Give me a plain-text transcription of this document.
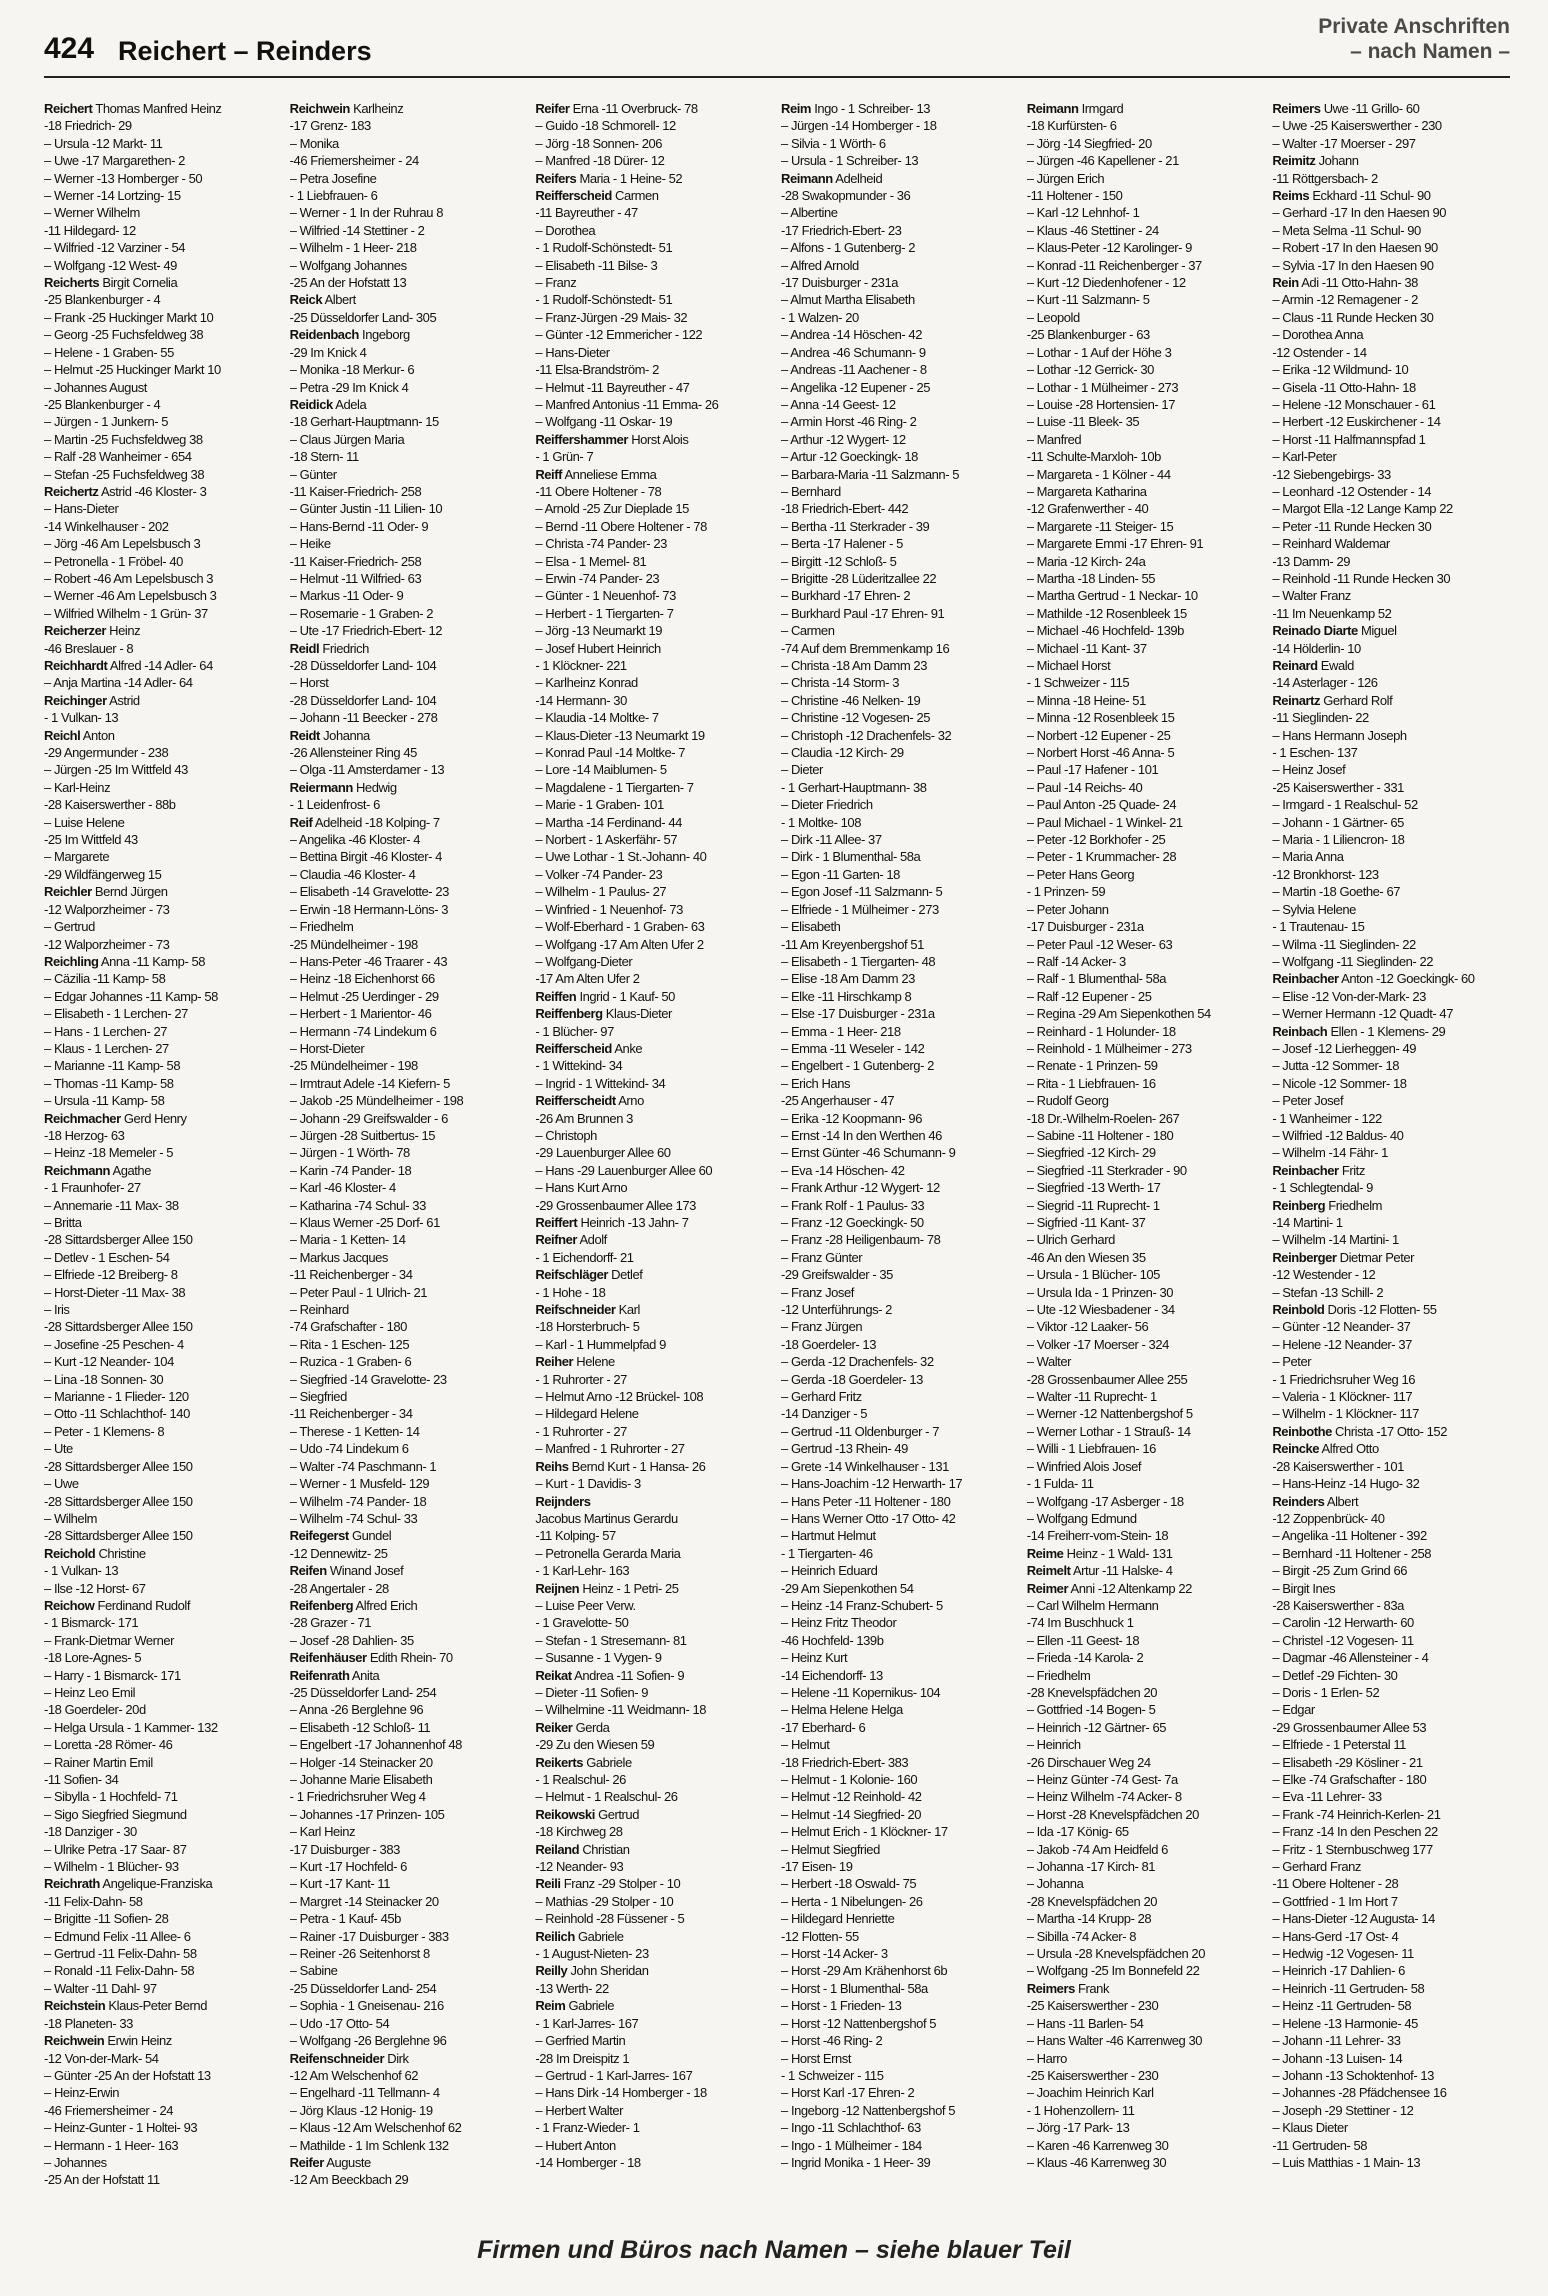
424 Reichert – Reinders
Private Anschriften
– nach Namen –
Reichert Thomas Manfred Heinz
-18 Friedrich- 29
– Ursula -12 Markt- 11
– Uwe -17 Margarethen- 2
– Werner -13 Homberger - 50
– Werner -14 Lortzing- 15
– Werner Wilhelm
-11 Hildegard- 12
– Wilfried -12 Varziner - 54
– Wolfgang -12 West- 49
Reicherts Birgit Cornelia
-25 Blankenburger - 4
– Frank -25 Huckinger Markt 10
– Georg -25 Fuchsfeldweg 38
– Helene - 1 Graben- 55
– Helmut -25 Huckinger Markt 10
– Johannes August
-25 Blankenburger - 4
– Jürgen - 1 Junkern- 5
– Martin -25 Fuchsfeldweg 38
– Ralf -28 Wanheimer - 654
– Stefan -25 Fuchsfeldweg 38
Reichertz Astrid -46 Kloster- 3
– Hans-Dieter
-14 Winkelhauser - 202
– Jörg -46 Am Lepelsbusch 3
– Petronella - 1 Fröbel- 40
– Robert -46 Am Lepelsbusch 3
– Werner -46 Am Lepelsbusch 3
– Wilfried Wilhelm - 1 Grün- 37
Reicherzer Heinz
-46 Breslauer - 8
Reichhardt Alfred -14 Adler- 64
– Anja Martina -14 Adler- 64
Reichinger Astrid
- 1 Vulkan- 13
Reichl Anton
-29 Angermunder - 238
– Jürgen -25 Im Wittfeld 43
– Karl-Heinz
-28 Kaiserswerther - 88b
– Luise Helene
-25 Im Wittfeld 43
– Margarete
-29 Wildfängerweg 15
Reichler Bernd Jürgen
-12 Walporzheimer - 73
– Gertrud
-12 Walporzheimer - 73
Reichling Anna -11 Kamp- 58
– Cäzilia -11 Kamp- 58
– Edgar Johannes -11 Kamp- 58
– Elisabeth - 1 Lerchen- 27
– Hans - 1 Lerchen- 27
– Klaus - 1 Lerchen- 27
– Marianne -11 Kamp- 58
– Thomas -11 Kamp- 58
– Ursula -11 Kamp- 58
Reichmacher Gerd Henry
-18 Herzog- 63
– Heinz -18 Memeler - 5
Reichmann Agathe
- 1 Fraunhofer- 27
– Annemarie -11 Max- 38
– Britta
-28 Sittardsberger Allee 150
– Detlev - 1 Eschen- 54
– Elfriede -12 Breiberg- 8
– Horst-Dieter -11 Max- 38
– Iris
-28 Sittardsberger Allee 150
– Josefine -25 Peschen- 4
– Kurt -12 Neander- 104
– Lina -18 Sonnen- 30
– Marianne - 1 Flieder- 120
– Otto -11 Schlachthof- 140
– Peter - 1 Klemens- 8
– Ute
-28 Sittardsberger Allee 150
– Uwe
-28 Sittardsberger Allee 150
– Wilhelm
-28 Sittardsberger Allee 150
Reichold Christine
- 1 Vulkan- 13
– Ilse -12 Horst- 67
Reichow Ferdinand Rudolf
- 1 Bismarck- 171
– Frank-Dietmar Werner
-18 Lore-Agnes- 5
– Harry - 1 Bismarck- 171
– Heinz Leo Emil
-18 Goerdeler- 20d
– Helga Ursula - 1 Kammer- 132
– Loretta -28 Römer- 46
– Rainer Martin Emil
-11 Sofien- 34
– Sibylla - 1 Hochfeld- 71
– Sigo Siegfried Siegmund
-18 Danziger - 30
– Ulrike Petra -17 Saar- 87
– Wilhelm - 1 Blücher- 93
Reichrath Angelique-Franziska
-11 Felix-Dahn- 58
– Brigitte -11 Sofien- 28
– Edmund Felix -11 Allee- 6
– Gertrud -11 Felix-Dahn- 58
– Ronald -11 Felix-Dahn- 58
– Walter -11 Dahl- 97
Reichstein Klaus-Peter Bernd
-18 Planeten- 33
Reichwein Erwin Heinz
-12 Von-der-Mark- 54
– Günter -25 An der Hofstatt 13
– Heinz-Erwin
-46 Friemersheimer - 24
– Heinz-Gunter - 1 Holtei- 93
– Hermann - 1 Heer- 163
– Johannes
-25 An der Hofstatt 11
Reichwein Karlheinz
-17 Grenz- 183
– Monika
-46 Friemersheimer - 24
– Petra Josefine
- 1 Liebfrauen- 6
– Werner - 1 In der Ruhrau 8
– Wilfried -14 Stettiner - 2
– Wilhelm - 1 Heer- 218
– Wolfgang Johannes
-25 An der Hofstatt 13
Reick Albert
-25 Düsseldorfer Land- 305
Reidenbach Ingeborg
-29 Im Knick 4
– Monika -18 Merkur- 6
– Petra -29 Im Knick 4
Reidick Adela
-18 Gerhart-Hauptmann- 15
– Claus Jürgen Maria
-18 Stern- 11
– Günter
-11 Kaiser-Friedrich- 258
– Günter Justin -11 Lilien- 10
– Hans-Bernd -11 Oder- 9
– Heike
-11 Kaiser-Friedrich- 258
– Helmut -11 Wilfried- 63
– Markus -11 Oder- 9
– Rosemarie - 1 Graben- 2
– Ute -17 Friedrich-Ebert- 12
Reidl Friedrich
-28 Düsseldorfer Land- 104
– Horst
-28 Düsseldorfer Land- 104
– Johann -11 Beecker - 278
Reidt Johanna
-26 Allensteiner Ring 45
– Olga -11 Amsterdamer - 13
Reiermann Hedwig
- 1 Leidenfrost- 6
Reif Adelheid -18 Kolping- 7
– Angelika -46 Kloster- 4
– Bettina Birgit -46 Kloster- 4
– Claudia -46 Kloster- 4
– Elisabeth -14 Gravelotte- 23
– Erwin -18 Hermann-Löns- 3
– Friedhelm
-25 Mündelheimer - 198
– Hans-Peter -46 Traarer - 43
– Heinz -18 Eichenhorst 66
– Helmut -25 Uerdinger - 29
– Herbert - 1 Marientor- 46
– Hermann -74 Lindekum 6
– Horst-Dieter
-25 Mündelheimer - 198
– Irmtraut Adele -14 Kiefern- 5
– Jakob -25 Mündelheimer - 198
– Johann -29 Greifswalder - 6
– Jürgen -28 Suitbertus- 15
– Jürgen - 1 Wörth- 78
– Karin -74 Pander- 18
– Karl -46 Kloster- 4
– Katharina -74 Schul- 33
– Klaus Werner -25 Dorf- 61
– Maria - 1 Ketten- 14
– Markus Jacques
-11 Reichenberger - 34
– Peter Paul - 1 Ulrich- 21
– Reinhard
-74 Grafschafter - 180
– Rita - 1 Eschen- 125
– Ruzica - 1 Graben- 6
– Siegfried -14 Gravelotte- 23
– Siegfried
-11 Reichenberger - 34
– Therese - 1 Ketten- 14
– Udo -74 Lindekum 6
– Walter -74 Paschmann- 1
– Werner - 1 Musfeld- 129
– Wilhelm -74 Pander- 18
– Wilhelm -74 Schul- 33
Reifegerst Gundel
-12 Dennewitz- 25
Reifen Winand Josef
-28 Angertaler - 28
Reifenberg Alfred Erich
-28 Grazer - 71
– Josef -28 Dahlien- 35
Reifenhäuser Edith Rhein- 70
Reifenrath Anita
-25 Düsseldorfer Land- 254
– Anna -26 Berglehne 96
– Elisabeth -12 Schloß- 11
– Engelbert -17 Johannenhof 48
– Holger -14 Steinacker 20
– Johanne Marie Elisabeth
- 1 Friedrichsruher Weg 4
– Johannes -17 Prinzen- 105
– Karl Heinz
-17 Duisburger - 383
– Kurt -17 Hochfeld- 6
– Kurt -17 Kant- 11
– Margret -14 Steinacker 20
– Petra - 1 Kauf- 45b
– Rainer -17 Duisburger - 383
– Reiner -26 Seitenhorst 8
– Sabine
-25 Düsseldorfer Land- 254
– Sophia - 1 Gneisenau- 216
– Udo -17 Otto- 54
– Wolfgang -26 Berglehne 96
Reifenschneider Dirk
-12 Am Welschenhof 62
– Engelhard -11 Tellmann- 4
– Jörg Klaus -12 Honig- 19
– Klaus -12 Am Welschenhof 62
– Mathilde - 1 Im Schlenk 132
Reifer Auguste
-12 Am Beeckbach 29
Reifer Erna -11 Overbruck- 78
– Guido -18 Schmorell- 12
– Jörg -18 Sonnen- 206
– Manfred -18 Dürer- 12
Reifers Maria - 1 Heine- 52
Reifferscheid Carmen
-11 Bayreuther - 47
– Dorothea
- 1 Rudolf-Schönstedt- 51
– Elisabeth -11 Bilse- 3
– Franz
- 1 Rudolf-Schönstedt- 51
– Franz-Jürgen -29 Mais- 32
– Günter -12 Emmericher - 122
– Hans-Dieter
-11 Elsa-Brandström- 2
– Helmut -11 Bayreuther - 47
– Manfred Antonius -11 Emma- 26
– Wolfgang -11 Oskar- 19
Reiffershammer Horst Alois
- 1 Grün- 7
Reiff Anneliese Emma
-11 Obere Holtener - 78
– Arnold -25 Zur Dieplade 15
– Bernd -11 Obere Holtener - 78
– Christa -74 Pander- 23
– Elsa - 1 Memel- 81
– Erwin -74 Pander- 23
– Günter - 1 Neuenhof- 73
– Herbert - 1 Tiergarten- 7
– Jörg -13 Neumarkt 19
– Josef Hubert Heinrich
- 1 Klöckner- 221
– Karlheinz Konrad
-14 Hermann- 30
– Klaudia -14 Moltke- 7
– Klaus-Dieter -13 Neumarkt 19
– Konrad Paul -14 Moltke- 7
– Lore -14 Maiblumen- 5
– Magdalene - 1 Tiergarten- 7
– Marie - 1 Graben- 101
– Martha -14 Ferdinand- 44
– Norbert - 1 Askerfähr- 57
– Uwe Lothar - 1 St.-Johann- 40
– Volker -74 Pander- 23
– Wilhelm - 1 Paulus- 27
– Winfried - 1 Neuenhof- 73
– Wolf-Eberhard - 1 Graben- 63
– Wolfgang -17 Am Alten Ufer 2
– Wolfgang-Dieter
-17 Am Alten Ufer 2
Reiffen Ingrid - 1 Kauf- 50
Reiffenberg Klaus-Dieter
- 1 Blücher- 97
Reifferscheid Anke
- 1 Wittekind- 34
– Ingrid - 1 Wittekind- 34
Reifferscheidt Arno
-26 Am Brunnen 3
– Christoph
-29 Lauenburger Allee 60
– Hans -29 Lauenburger Allee 60
– Hans Kurt Arno
-29 Grossenbaumer Allee 173
Reiffert Heinrich -13 Jahn- 7
Reifner Adolf
- 1 Eichendorff- 21
Reifschläger Detlef
- 1 Hohe - 18
Reifschneider Karl
-18 Horsterbruch- 5
– Karl - 1 Hummelpfad 9
Reiher Helene
- 1 Ruhrorter - 27
– Helmut Arno -12 Brückel- 108
– Hildegard Helene
- 1 Ruhrorter - 27
– Manfred - 1 Ruhrorter - 27
Reihs Bernd Kurt - 1 Hansa- 26
– Kurt - 1 Davidis- 3
Reijnders
Jacobus Martinus Gerardu
-11 Kolping- 57
– Petronella Gerarda Maria
- 1 Karl-Lehr- 163
Reijnen Heinz - 1 Petri- 25
– Luise Peer Verw.
- 1 Gravelotte- 50
– Stefan - 1 Stresemann- 81
– Susanne - 1 Vygen- 9
Reikat Andrea -11 Sofien- 9
– Dieter -11 Sofien- 9
– Wilhelmine -11 Weidmann- 18
Reiker Gerda
-29 Zu den Wiesen 59
Reikerts Gabriele
- 1 Realschul- 26
– Helmut - 1 Realschul- 26
Reikowski Gertrud
-18 Kirchweg 28
Reiland Christian
-12 Neander- 93
Reili Franz -29 Stolper - 10
– Mathias -29 Stolper - 10
– Reinhold -28 Füssener - 5
Reilich Gabriele
- 1 August-Nieten- 23
Reilly John Sheridan
-13 Werth- 22
Reim Gabriele
- 1 Karl-Jarres- 167
– Gerfried Martin
-28 Im Dreispitz 1
– Gertrud - 1 Karl-Jarres- 167
– Hans Dirk -14 Homberger - 18
– Herbert Walter
- 1 Franz-Wieder- 1
– Hubert Anton
-14 Homberger - 18
Reim Ingo - 1 Schreiber- 13
– Jürgen -14 Homberger - 18
– Silvia - 1 Wörth- 6
– Ursula - 1 Schreiber- 13
Reimann Adelheid
-28 Swakopmunder - 36
– Albertine
-17 Friedrich-Ebert- 23
– Alfons - 1 Gutenberg- 2
– Alfred Arnold
-17 Duisburger - 231a
– Almut Martha Elisabeth
- 1 Walzen- 20
– Andrea -14 Höschen- 42
– Andrea -46 Schumann- 9
– Andreas -11 Aachener - 8
– Angelika -12 Eupener - 25
– Anna -14 Geest- 12
– Armin Horst -46 Ring- 2
– Arthur -12 Wygert- 12
– Artur -12 Goeckingk- 18
– Barbara-Maria -11 Salzmann- 5
– Bernhard
-18 Friedrich-Ebert- 442
– Bertha -11 Sterkrader - 39
– Berta -17 Halener - 5
– Birgitt -12 Schloß- 5
– Brigitte -28 Lüderitzallee 22
– Burkhard -17 Ehren- 2
– Burkhard Paul -17 Ehren- 91
– Carmen
-74 Auf dem Bremmenkamp 16
– Christa -18 Am Damm 23
– Christa -14 Storm- 3
– Christine -46 Nelken- 19
– Christine -12 Vogesen- 25
– Christoph -12 Drachenfels- 32
– Claudia -12 Kirch- 29
– Dieter
- 1 Gerhart-Hauptmann- 38
– Dieter Friedrich
- 1 Moltke- 108
– Dirk -11 Allee- 37
– Dirk - 1 Blumenthal- 58a
– Egon -11 Garten- 18
– Egon Josef -11 Salzmann- 5
– Elfriede - 1 Mülheimer - 273
– Elisabeth
-11 Am Kreyenbergshof 51
– Elisabeth - 1 Tiergarten- 48
– Elise -18 Am Damm 23
– Elke -11 Hirschkamp 8
– Else -17 Duisburger - 231a
– Emma - 1 Heer- 218
– Emma -11 Weseler - 142
– Engelbert - 1 Gutenberg- 2
– Erich Hans
-25 Angerhauser - 47
– Erika -12 Koopmann- 96
– Ernst -14 In den Werthen 46
– Ernst Günter -46 Schumann- 9
– Eva -14 Höschen- 42
– Frank Arthur -12 Wygert- 12
– Frank Rolf - 1 Paulus- 33
– Franz -12 Goeckingk- 50
– Franz -28 Heiligenbaum- 78
– Franz Günter
-29 Greifswalder - 35
– Franz Josef
-12 Unterführungs- 2
– Franz Jürgen
-18 Goerdeler- 13
– Gerda -12 Drachenfels- 32
– Gerda -18 Goerdeler- 13
– Gerhard Fritz
-14 Danziger - 5
– Gertrud -11 Oldenburger - 7
– Gertrud -13 Rhein- 49
– Grete -14 Winkelhauser - 131
– Hans-Joachim -12 Herwarth- 17
– Hans Peter -11 Holtener - 180
– Hans Werner Otto -17 Otto- 42
– Hartmut Helmut
- 1 Tiergarten- 46
– Heinrich Eduard
-29 Am Siepenkothen 54
– Heinz -14 Franz-Schubert- 5
– Heinz Fritz Theodor
-46 Hochfeld- 139b
– Heinz Kurt
-14 Eichendorff- 13
– Helene -11 Kopernikus- 104
– Helma Helene Helga
-17 Eberhard- 6
– Helmut
-18 Friedrich-Ebert- 383
– Helmut - 1 Kolonie- 160
– Helmut -12 Reinhold- 42
– Helmut -14 Siegfried- 20
– Helmut Erich - 1 Klöckner- 17
– Helmut Siegfried
-17 Eisen- 19
– Herbert -18 Oswald- 75
– Herta - 1 Nibelungen- 26
– Hildegard Henriette
-12 Flotten- 55
– Horst -14 Acker- 3
– Horst -29 Am Krähenhorst 6b
– Horst - 1 Blumenthal- 58a
– Horst - 1 Frieden- 13
– Horst -12 Nattenbergshof 5
– Horst -46 Ring- 2
– Horst Ernst
- 1 Schweizer - 115
– Horst Karl -17 Ehren- 2
– Ingeborg -12 Nattenbergshof 5
– Ingo -11 Schlachthof- 63
– Ingo - 1 Mülheimer - 184
– Ingrid Monika - 1 Heer- 39
Reimann Irmgard
-18 Kurfürsten- 6
– Jörg -14 Siegfried- 20
– Jürgen -46 Kapellener - 21
– Jürgen Erich
-11 Holtener - 150
– Karl -12 Lehnhof- 1
– Klaus -46 Stettiner - 24
– Klaus-Peter -12 Karolinger- 9
– Konrad -11 Reichenberger - 37
– Kurt -12 Diedenhofener - 12
– Kurt -11 Salzmann- 5
– Leopold
-25 Blankenburger - 63
– Lothar - 1 Auf der Höhe 3
– Lothar -12 Gerrick- 30
– Lothar - 1 Mülheimer - 273
– Louise -28 Hortensien- 17
– Luise -11 Bleek- 35
– Manfred
-11 Schulte-Marxloh- 10b
– Margareta - 1 Kölner - 44
– Margareta Katharina
-12 Grafenwerther - 40
– Margarete -11 Steiger- 15
– Margarete Emmi -17 Ehren- 91
– Maria -12 Kirch- 24a
– Martha -18 Linden- 55
– Martha Gertrud - 1 Neckar- 10
– Mathilde -12 Rosenbleek 15
– Michael -46 Hochfeld- 139b
– Michael -11 Kant- 37
– Michael Horst
- 1 Schweizer - 115
– Minna -18 Heine- 51
– Minna -12 Rosenbleek 15
– Norbert -12 Eupener - 25
– Norbert Horst -46 Anna- 5
– Paul -17 Hafener - 101
– Paul -14 Reichs- 40
– Paul Anton -25 Quade- 24
– Paul Michael - 1 Winkel- 21
– Peter -12 Borkhofer - 25
– Peter - 1 Krummacher- 28
– Peter Hans Georg
- 1 Prinzen- 59
– Peter Johann
-17 Duisburger - 231a
– Peter Paul -12 Weser- 63
– Ralf -14 Acker- 3
– Ralf - 1 Blumenthal- 58a
– Ralf -12 Eupener - 25
– Regina -29 Am Siepenkothen 54
– Reinhard - 1 Holunder- 18
– Reinhold - 1 Mülheimer - 273
– Renate - 1 Prinzen- 59
– Rita - 1 Liebfrauen- 16
– Rudolf Georg
-18 Dr.-Wilhelm-Roelen- 267
– Sabine -11 Holtener - 180
– Siegfried -12 Kirch- 29
– Siegfried -11 Sterkrader - 90
– Siegfried -13 Werth- 17
– Siegrid -11 Ruprecht- 1
– Sigfried -11 Kant- 37
– Ulrich Gerhard
-46 An den Wiesen 35
– Ursula - 1 Blücher- 105
– Ursula Ida - 1 Prinzen- 30
– Ute -12 Wiesbadener - 34
– Viktor -12 Laaker- 56
– Volker -17 Moerser - 324
– Walter
-28 Grossenbaumer Allee 255
– Walter -11 Ruprecht- 1
– Werner -12 Nattenbergshof 5
– Werner Lothar - 1 Strauß- 14
– Willi - 1 Liebfrauen- 16
– Winfried Alois Josef
- 1 Fulda- 11
– Wolfgang -17 Asberger - 18
– Wolfgang Edmund
-14 Freiherr-vom-Stein- 18
Reime Heinz - 1 Wald- 131
Reimelt Artur -11 Halske- 4
Reimer Anni -12 Altenkamp 22
– Carl Wilhelm Hermann
-74 Im Buschhuck 1
– Ellen -11 Geest- 18
– Frieda -14 Karola- 2
– Friedhelm
-28 Knevelspfädchen 20
– Gottfried -14 Bogen- 5
– Heinrich -12 Gärtner- 65
– Heinrich
-26 Dirschauer Weg 24
– Heinz Günter -74 Gest- 7a
– Heinz Wilhelm -74 Acker- 8
– Horst -28 Knevelspfädchen 20
– Ida -17 König- 65
– Jakob -74 Am Heidfeld 6
– Johanna -17 Kirch- 81
– Johanna
-28 Knevelspfädchen 20
– Martha -14 Krupp- 28
– Sibilla -74 Acker- 8
– Ursula -28 Knevelspfädchen 20
– Wolfgang -25 Im Bonnefeld 22
Reimers Frank
-25 Kaiserswerther - 230
– Hans -11 Barlen- 54
– Hans Walter -46 Karrenweg 30
– Harro
-25 Kaiserswerther - 230
– Joachim Heinrich Karl
- 1 Hohenzollern- 11
– Jörg -17 Park- 13
– Karen -46 Karrenweg 30
– Klaus -46 Karrenweg 30
Reimers Uwe -11 Grillo- 60
– Uwe -25 Kaiserswerther - 230
– Walter -17 Moerser - 297
Reimitz Johann
-11 Röttgersbach- 2
Reims Eckhard -11 Schul- 90
– Gerhard -17 In den Haesen 90
– Meta Selma -11 Schul- 90
– Robert -17 In den Haesen 90
– Sylvia -17 In den Haesen 90
Rein Adi -11 Otto-Hahn- 38
– Armin -12 Remagener - 2
– Claus -11 Runde Hecken 30
– Dorothea Anna
-12 Ostender - 14
– Erika -12 Wildmund- 10
– Gisela -11 Otto-Hahn- 18
– Helene -12 Monschauer - 61
– Herbert -12 Euskirchener - 14
– Horst -11 Halfmannspfad 1
– Karl-Peter
-12 Siebengebirgs- 33
– Leonhard -12 Ostender - 14
– Margot Ella -12 Lange Kamp 22
– Peter -11 Runde Hecken 30
– Reinhard Waldemar
-13 Damm- 29
– Reinhold -11 Runde Hecken 30
– Walter Franz
-11 Im Neuenkamp 52
Reinado Diarte Miguel
-14 Hölderlin- 10
Reinard Ewald
-14 Asterlager - 126
Reinartz Gerhard Rolf
-11 Sieglinden- 22
– Hans Hermann Joseph
- 1 Eschen- 137
– Heinz Josef
-25 Kaiserswerther - 331
– Irmgard - 1 Realschul- 52
– Johann - 1 Gärtner- 65
– Maria - 1 Liliencron- 18
– Maria Anna
-12 Bronkhorst- 123
– Martin -18 Goethe- 67
– Sylvia Helene
- 1 Trautenau- 15
– Wilma -11 Sieglinden- 22
– Wolfgang -11 Sieglinden- 22
Reinbacher Anton -12 Goeckingk- 60
– Elise -12 Von-der-Mark- 23
– Werner Hermann -12 Quadt- 47
Reinbach Ellen - 1 Klemens- 29
– Josef -12 Lierheggen- 49
– Jutta -12 Sommer- 18
– Nicole -12 Sommer- 18
– Peter Josef
- 1 Wanheimer - 122
– Wilfried -12 Baldus- 40
– Wilhelm -14 Fähr- 1
Reinbacher Fritz
- 1 Schlegtendal- 9
Reinberg Friedhelm
-14 Martini- 1
– Wilhelm -14 Martini- 1
Reinberger Dietmar Peter
-12 Westender - 12
– Stefan -13 Schill- 2
Reinbold Doris -12 Flotten- 55
– Günter -12 Neander- 37
– Helene -12 Neander- 37
– Peter
- 1 Friedrichsruher Weg 16
– Valeria - 1 Klöckner- 117
– Wilhelm - 1 Klöckner- 117
Reinbothe Christa -17 Otto- 152
Reincke Alfred Otto
-28 Kaiserswerther - 101
– Hans-Heinz -14 Hugo- 32
Reinders Albert
-12 Zoppenbrück- 40
– Angelika -11 Holtener - 392
– Bernhard -11 Holtener - 258
– Birgit -25 Zum Grind 66
– Birgit Ines
-28 Kaiserswerther - 83a
– Carolin -12 Herwarth- 60
– Christel -12 Vogesen- 11
– Dagmar -46 Allensteiner - 4
– Detlef -29 Fichten- 30
– Doris - 1 Erlen- 52
– Edgar
-29 Grossenbaumer Allee 53
– Elfriede - 1 Peterstal 11
– Elisabeth -29 Kösliner - 21
– Elke -74 Grafschafter - 180
– Eva -11 Lehrer- 33
– Frank -74 Heinrich-Kerlen- 21
– Franz -14 In den Peschen 22
– Fritz - 1 Sternbuschweg 177
– Gerhard Franz
-11 Obere Holtener - 28
– Gottfried - 1 Im Hort 7
– Hans-Dieter -12 Augusta- 14
– Hans-Gerd -17 Ost- 4
– Hedwig -12 Vogesen- 11
– Heinrich -17 Dahlien- 6
– Heinrich -11 Gertruden- 58
– Heinz -11 Gertruden- 58
– Helene -13 Harmonie- 45
– Johann -11 Lehrer- 33
– Johann -13 Luisen- 14
– Johann -13 Schoktenhof- 13
– Johannes -28 Pfädchensee 16
– Joseph -29 Stettiner - 12
– Klaus Dieter
-11 Gertruden- 58
– Luis Matthias - 1 Main- 13
Firmen und Büros nach Namen – siehe blauer Teil
